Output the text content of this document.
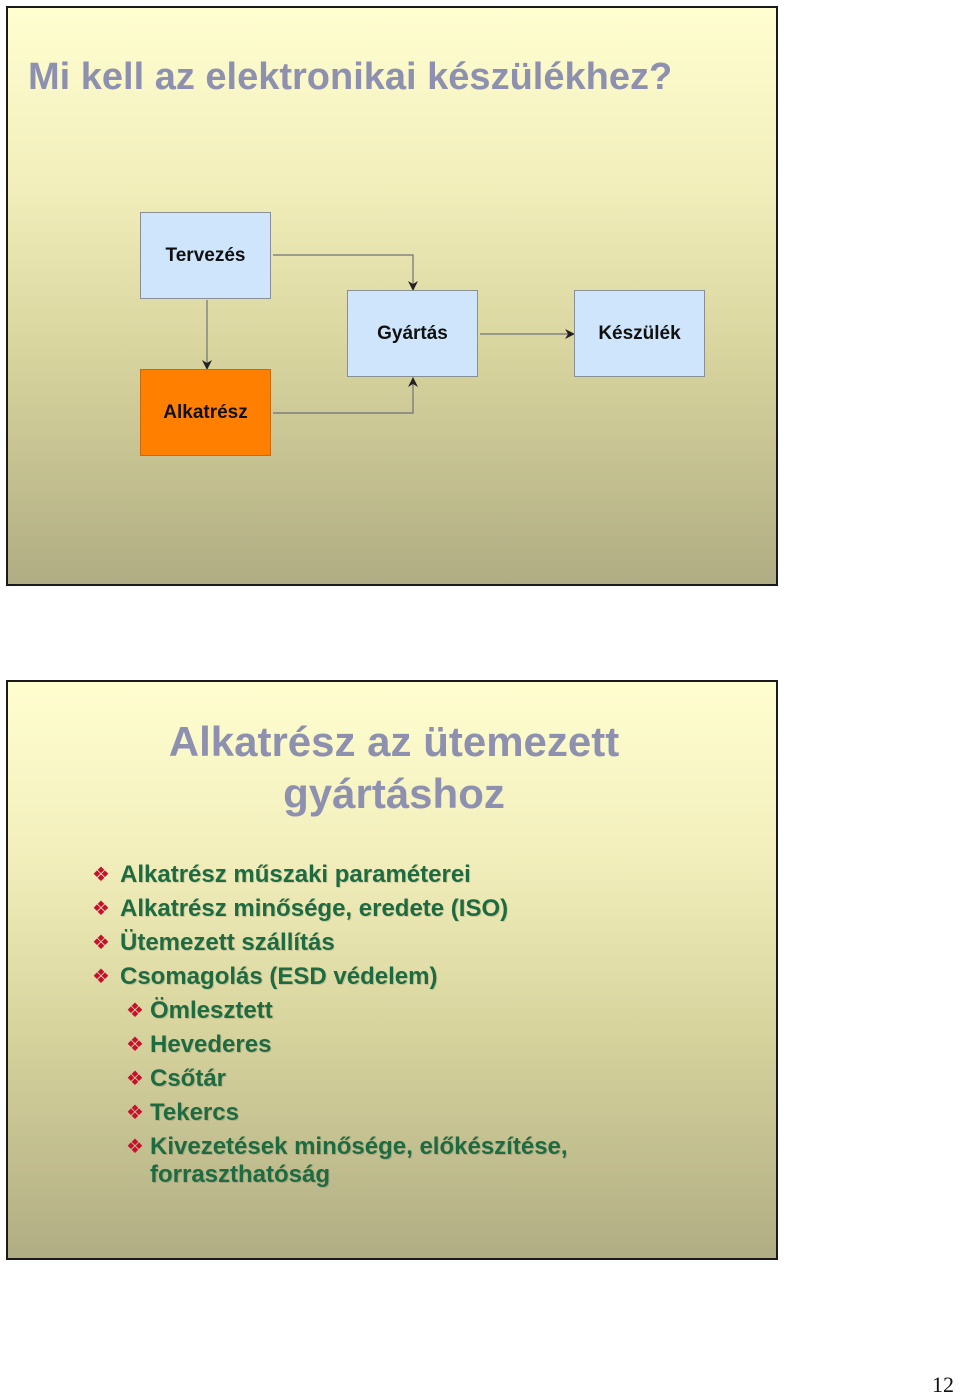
Mi kell az elektronikai készülékhez?
Tervezés
Gyártás	Készülék
Alkatrész
Alkatrész az ütemezett
gyártáshoz
❖ Alkatrész műszaki paraméterei
❖ Alkatrész minősége, eredete (ISO)
❖ Ütemezett szállítás
❖ Csomagolás (ESD védelem)
❖ Ömlesztett
❖ Hevederes
❖ Csőtár
❖ Tekercs
❖ Kivezetések minősége, előkészítése, forraszthatóság
12
